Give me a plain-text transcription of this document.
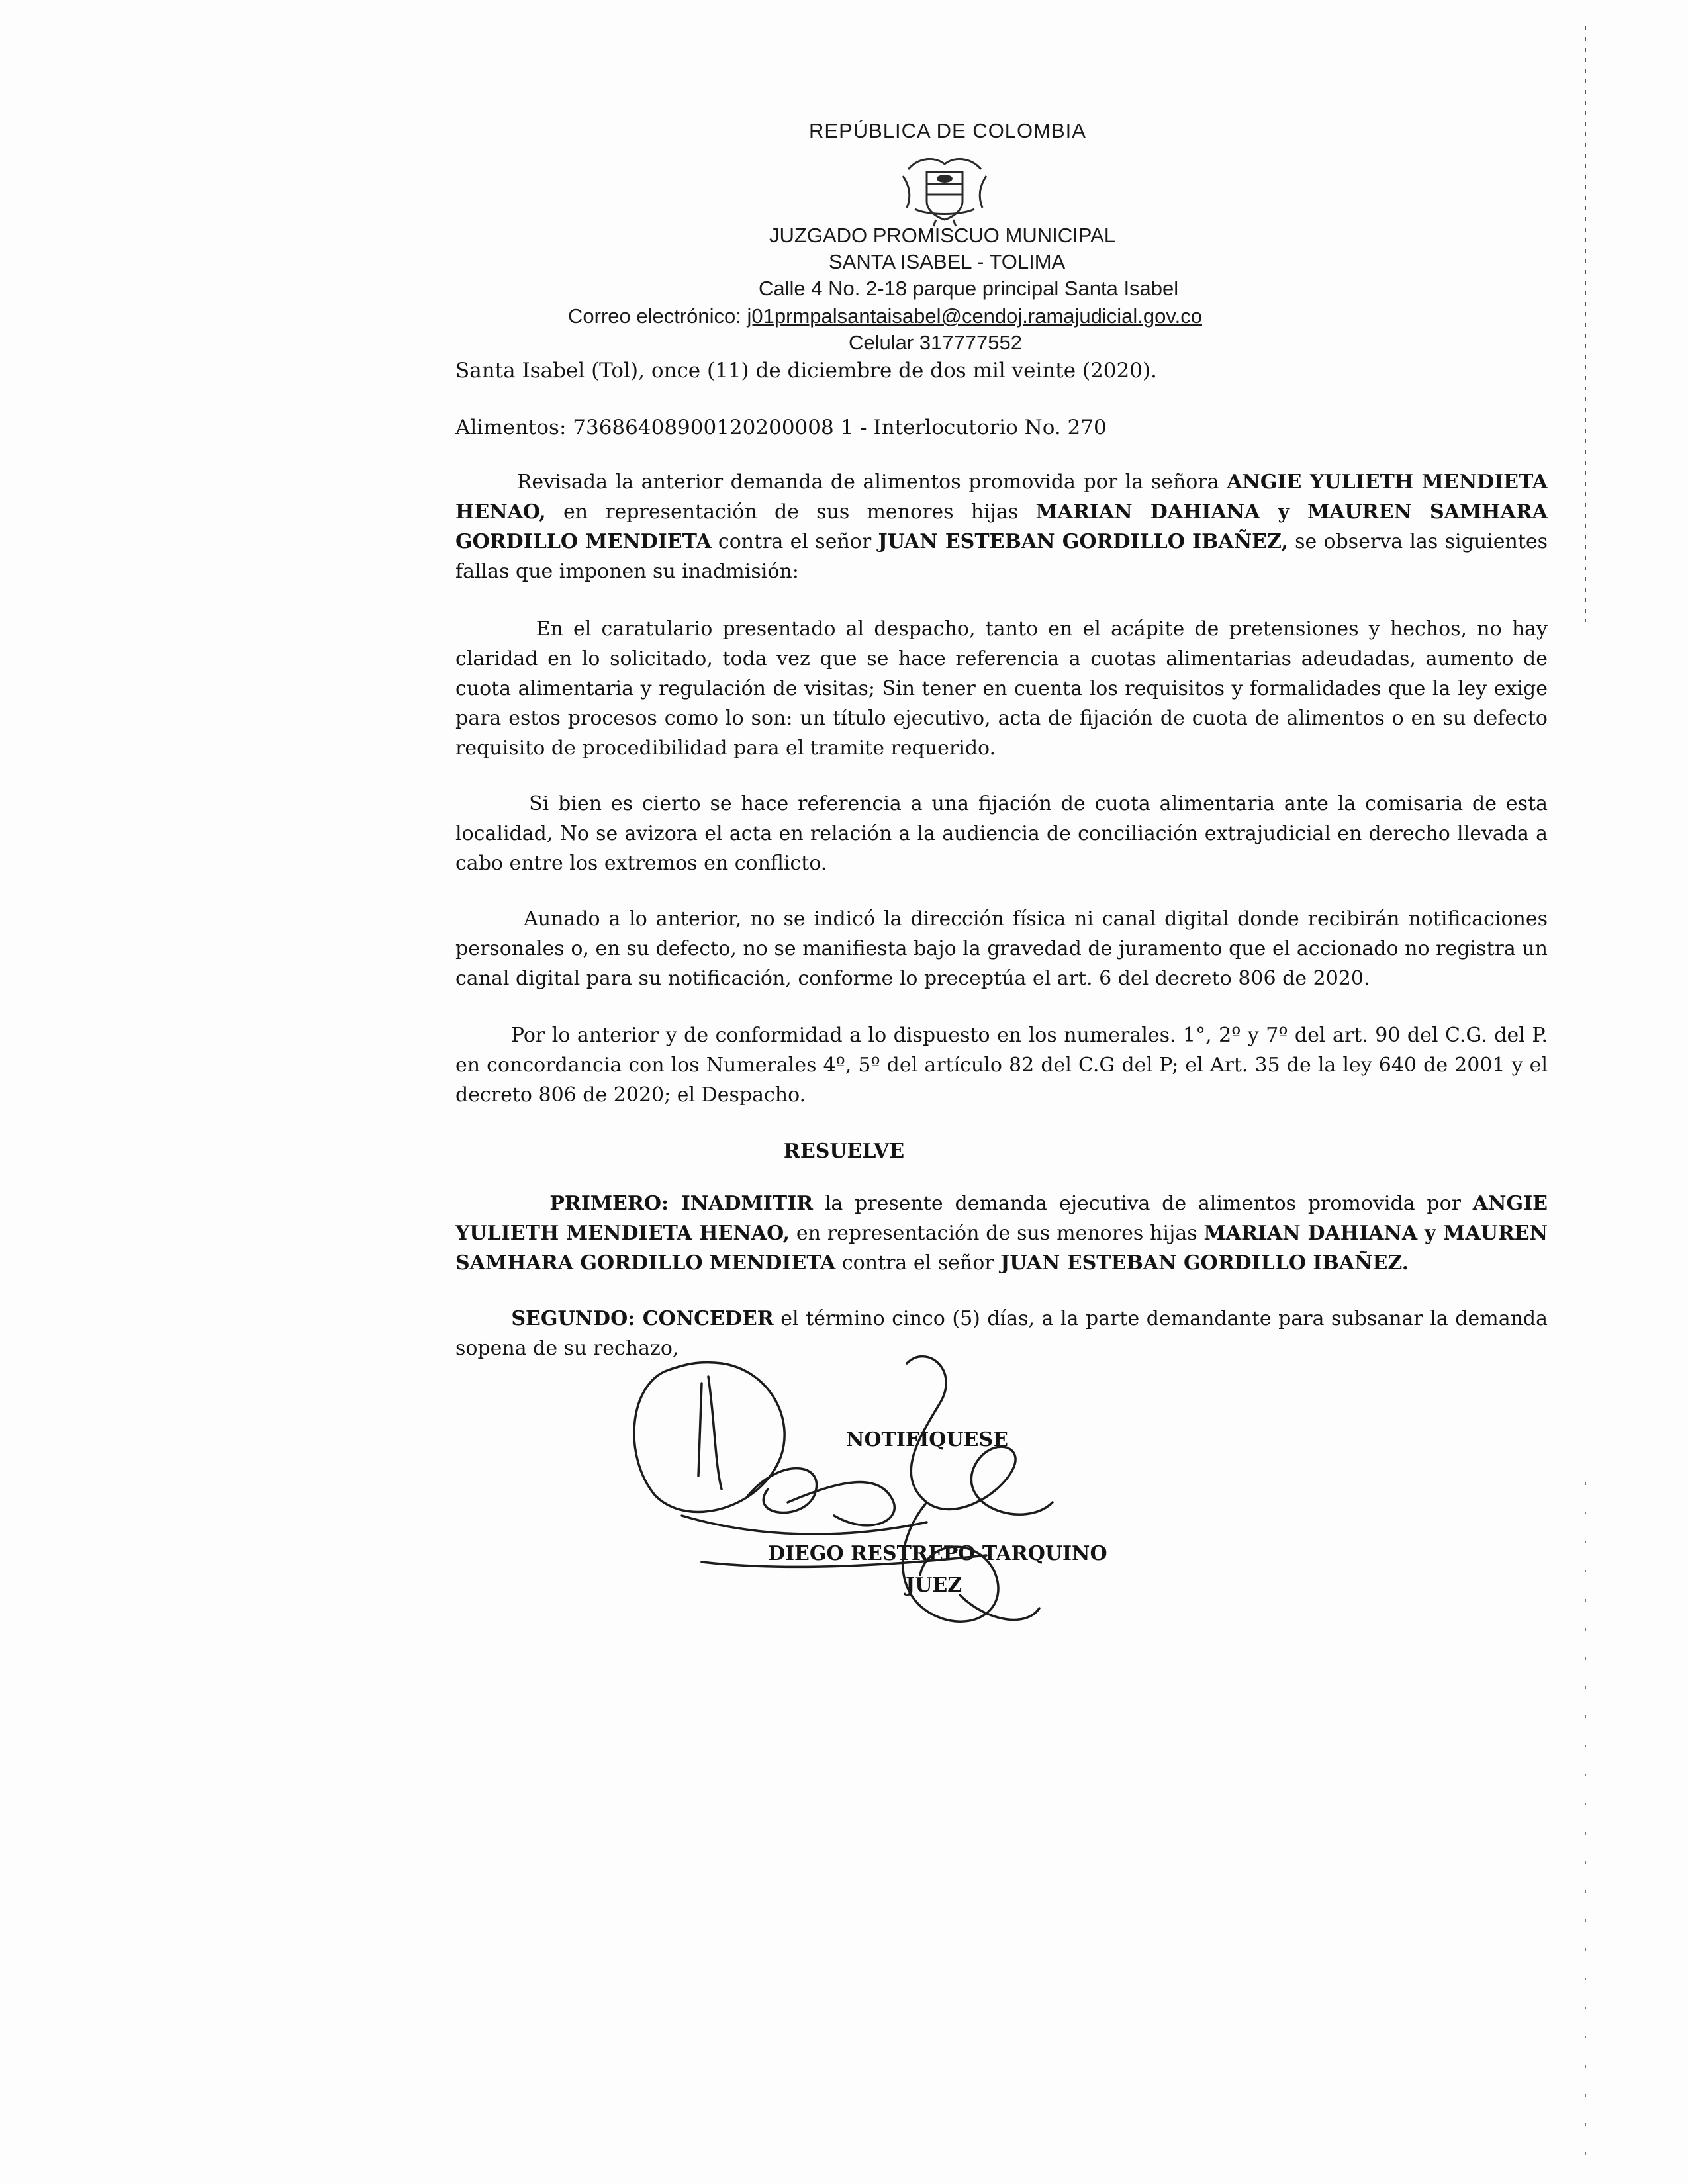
REPÚBLICA DE COLOMBIA
JUZGADO PROMISCUO MUNICIPAL
SANTA ISABEL - TOLIMA
Calle 4 No. 2-18 parque principal Santa Isabel
Correo electrónico: j01prmpalsantaisabel@cendoj.ramajudicial.gov.co
Celular 317777552
Santa Isabel (Tol), once (11) de diciembre de dos mil veinte (2020).
Alimentos: 73686408900120200008 1 - Interlocutorio No. 270

Revisada la anterior demanda de alimentos promovida por la señora ANGIE YULIETH MENDIETA HENAO, en representación de sus menores hijas MARIAN DAHIANA y MAUREN SAMHARA GORDILLO MENDIETA contra el señor JUAN ESTEBAN GORDILLO IBAÑEZ, se observa las siguientes fallas que imponen su inadmisión:

En el caratulario presentado al despacho, tanto en el acápite de pretensiones y hechos, no hay claridad en lo solicitado, toda vez que se hace referencia a cuotas alimentarias adeudadas, aumento de cuota alimentaria y regulación de visitas; Sin tener en cuenta los requisitos y formalidades que la ley exige para estos procesos como lo son: un título ejecutivo, acta de fijación de cuota de alimentos o en su defecto requisito de procedibilidad para el tramite requerido.

Si bien es cierto se hace referencia a una fijación de cuota alimentaria ante la comisaria de esta localidad, No se avizora el acta en relación a la audiencia de conciliación extrajudicial en derecho llevada a cabo entre los extremos en conflicto.

Aunado a lo anterior, no se indicó la dirección física ni canal digital donde recibirán notificaciones personales o, en su defecto, no se manifiesta bajo la gravedad de juramento que el accionado no registra un canal digital para su notificación, conforme lo preceptúa el art. 6 del decreto 806 de 2020.

Por lo anterior y de conformidad a lo dispuesto en los numerales. 1°, 2º y 7º del art. 90 del C.G. del P. en concordancia con los Numerales 4º, 5º del artículo 82 del C.G del P; el Art. 35 de la ley 640 de 2001 y el decreto 806 de 2020; el Despacho.

RESUELVE

PRIMERO: INADMITIR la presente demanda ejecutiva de alimentos promovida por ANGIE YULIETH MENDIETA HENAO, en representación de sus menores hijas MARIAN DAHIANA y MAUREN SAMHARA GORDILLO MENDIETA contra el señor JUAN ESTEBAN GORDILLO IBAÑEZ.

SEGUNDO: CONCEDER el término cinco (5) días, a la parte demandante para subsanar la demanda sopena de su rechazo,

NOTIFÍQUESE
DIEGO RESTREPO TARQUINO
JUEZ
